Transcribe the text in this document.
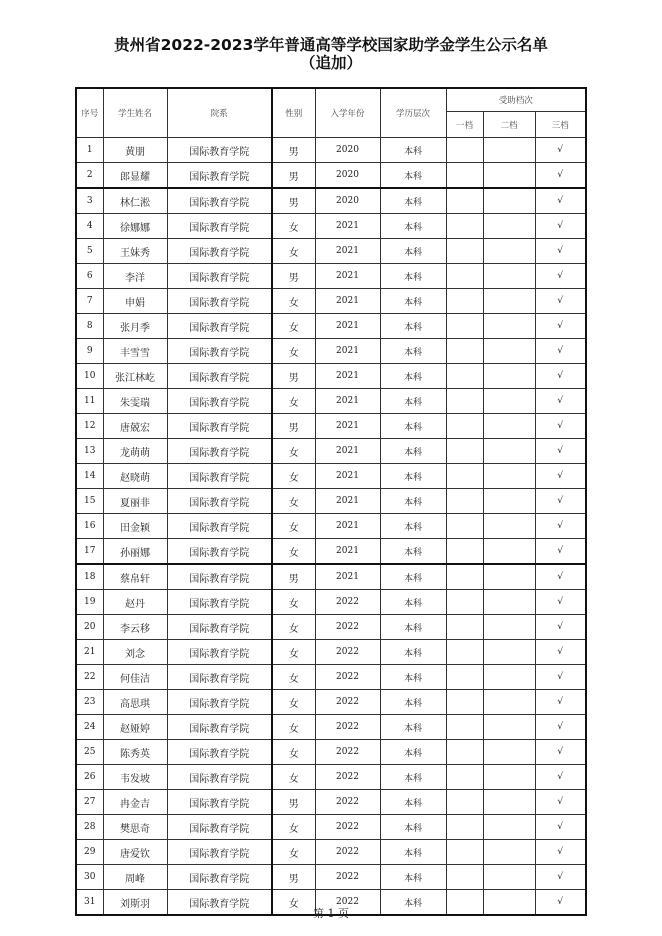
贵州省2022-2023学年普通高等学校国家助学金学生公示名单
（追加）
序号	学生姓名	院系	性别	入学年份	学历层次	受助档次		
						一档	二档	三档
1	黄朋	国际教育学院	男	2020	本科			√
2	郎显耀	国际教育学院	男	2020	本科			√
3	林仁淞	国际教育学院	男	2020	本科			√
4	徐娜娜	国际教育学院	女	2021	本科			√
5	王妹秀	国际教育学院	女	2021	本科			√
6	李洋	国际教育学院	男	2021	本科			√
7	申娟	国际教育学院	女	2021	本科			√
8	张月季	国际教育学院	女	2021	本科			√
9	丰雪雪	国际教育学院	女	2021	本科			√
10	张江林屹	国际教育学院	男	2021	本科			√
11	朱雯瑞	国际教育学院	女	2021	本科			√
12	唐兢宏	国际教育学院	男	2021	本科			√
13	龙萌萌	国际教育学院	女	2021	本科			√
14	赵晓萌	国际教育学院	女	2021	本科			√
15	夏丽非	国际教育学院	女	2021	本科			√
16	田金颖	国际教育学院	女	2021	本科			√
17	孙丽娜	国际教育学院	女	2021	本科			√
18	蔡帛轩	国际教育学院	男	2021	本科			√
19	赵丹	国际教育学院	女	2022	本科			√
20	李云移	国际教育学院	女	2022	本科			√
21	刘念	国际教育学院	女	2022	本科			√
22	何佳洁	国际教育学院	女	2022	本科			√
23	高思琪	国际教育学院	女	2022	本科			√
24	赵娅婷	国际教育学院	女	2022	本科			√
25	陈秀英	国际教育学院	女	2022	本科			√
26	韦发坡	国际教育学院	女	2022	本科			√
27	冉金吉	国际教育学院	男	2022	本科			√
28	樊思奇	国际教育学院	女	2022	本科			√
29	唐爱钦	国际教育学院	女	2022	本科			√
30	周峰	国际教育学院	男	2022	本科			√
31	刘斯羽	国际教育学院	女	2022	本科			√
第 1 页
